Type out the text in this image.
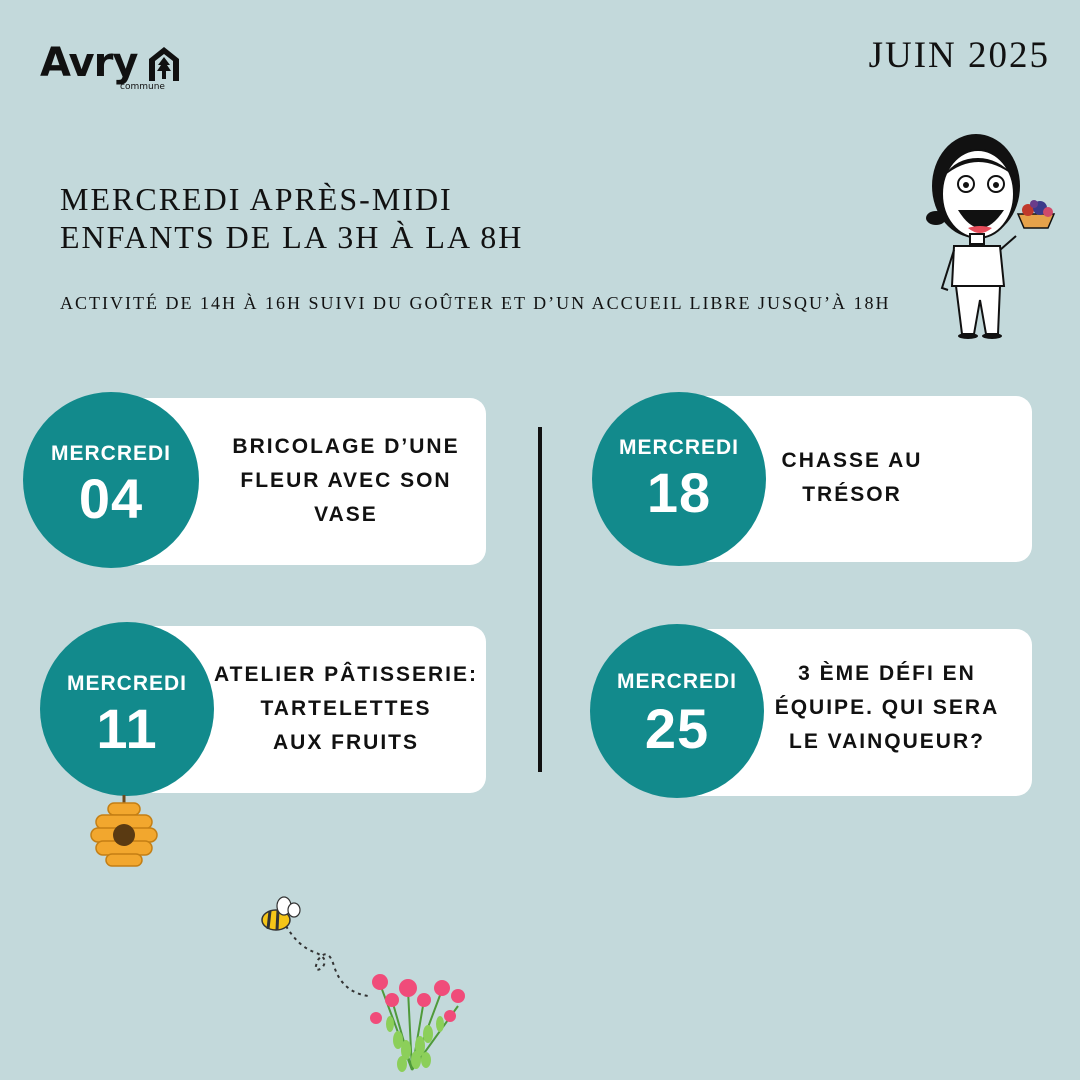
Avry
commune
JUIN 2025
MERCREDI APRÈS-MIDI
ENFANTS DE LA 3H À LA 8H
ACTIVITÉ DE 14H À 16H SUIVI DU GOÛTER ET D’UN ACCUEIL LIBRE JUSQU’À 18H
BRICOLAGE D’UNE
FLEUR AVEC SON
VASE
MERCREDI
04
ATELIER PÂTISSERIE:
TARTELETTES
AUX FRUITS
MERCREDI
11
CHASSE AU
TRÉSOR
MERCREDI
18
3 ÈME DÉFI EN
ÉQUIPE. QUI SERA
LE VAINQUEUR?
MERCREDI
25
